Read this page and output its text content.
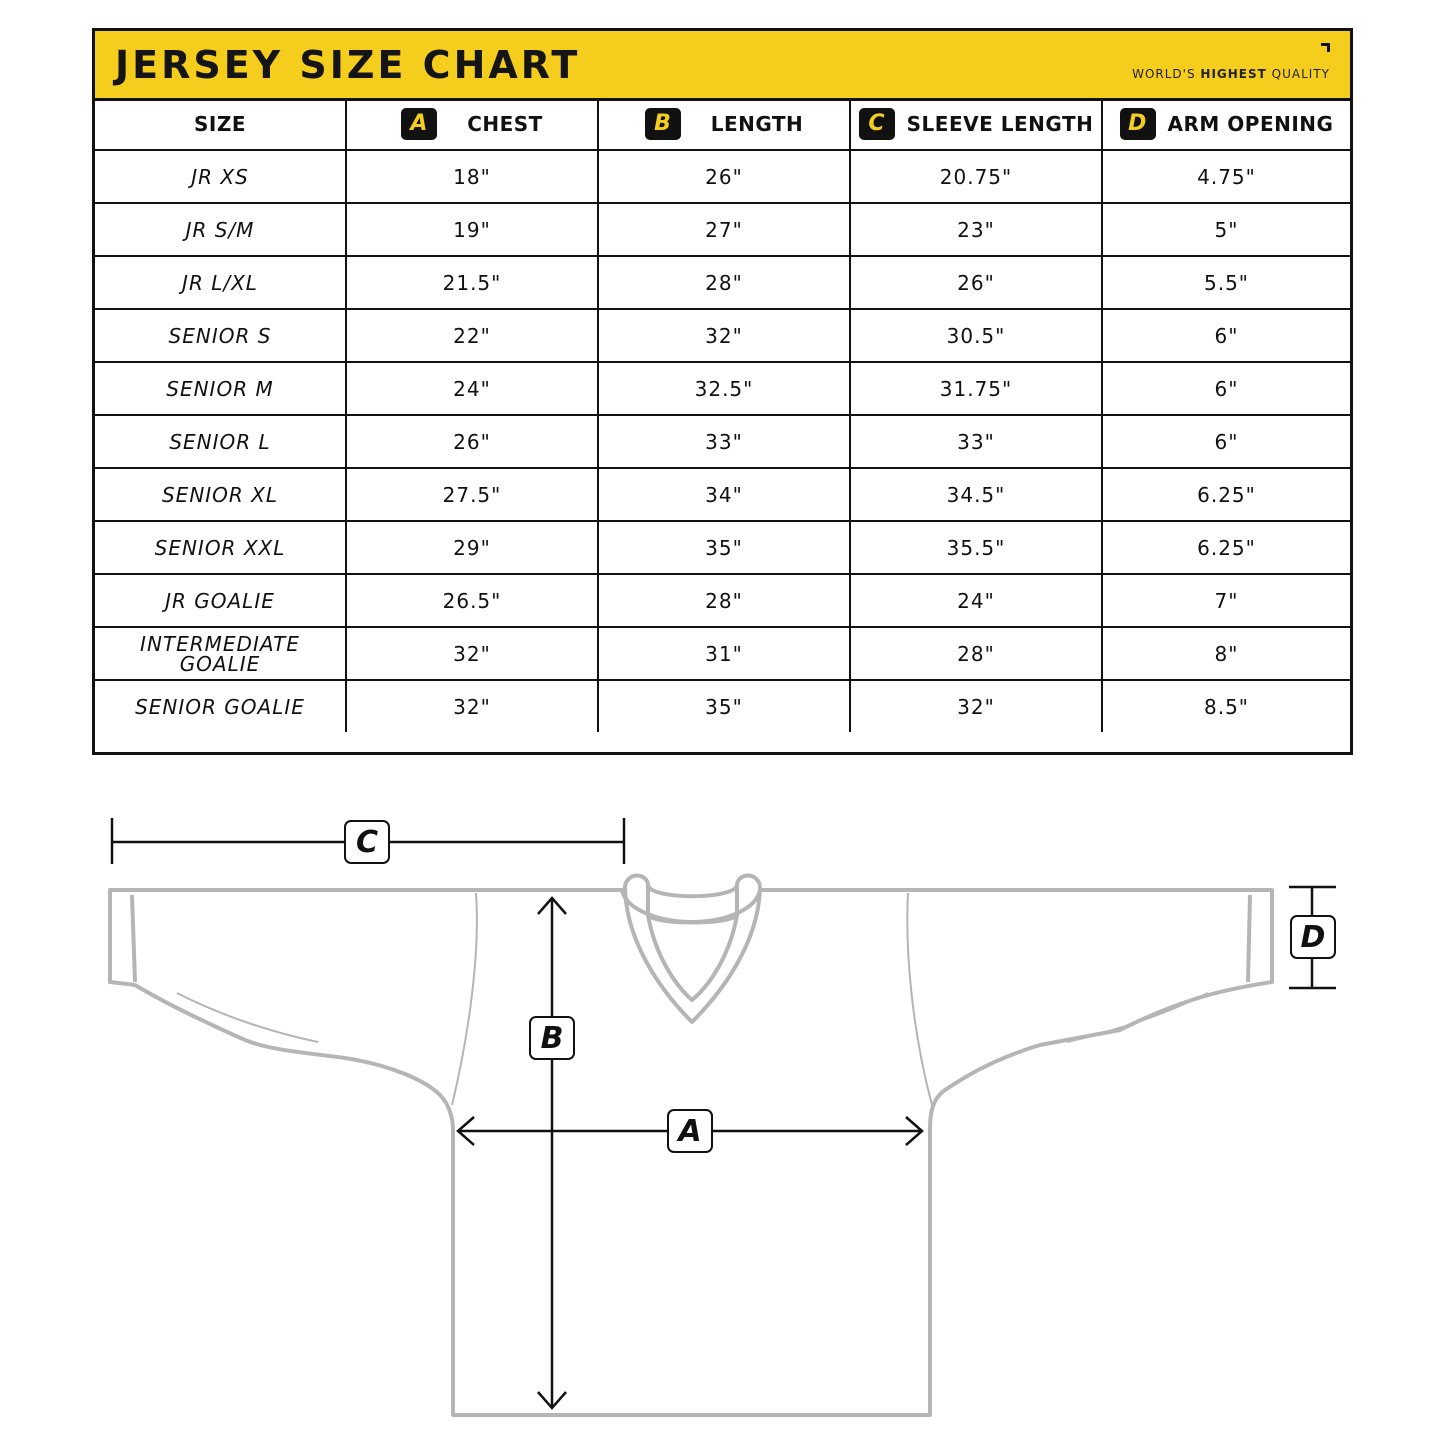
JERSEY SIZE CHART	WORLD'S HIGHEST QUALITY
SIZE	A CHEST	B LENGTH	C SLEEVE LENGTH	D ARM OPENING

JR XS	18"	26"	20.75"	4.75"
JR S/M	19"	27"	23"	5"
JR L/XL	21.5"	28"	26"	5.5"
SENIOR S	22"	32"	30.5"	6"
SENIOR M	24"	32.5"	31.75"	6"
SENIOR L	26"	33"	33"	6"
SENIOR XL	27.5"	34"	34.5"	6.25"
SENIOR XXL	29"	35"	35.5"	6.25"
JR GOALIE	26.5"	28"	24"	7"

INTERMEDIATE GOALIE	32"	31"	28"	8"
SENIOR GOALIE	32"	35"	32"	8.5"
C
D
B
A
